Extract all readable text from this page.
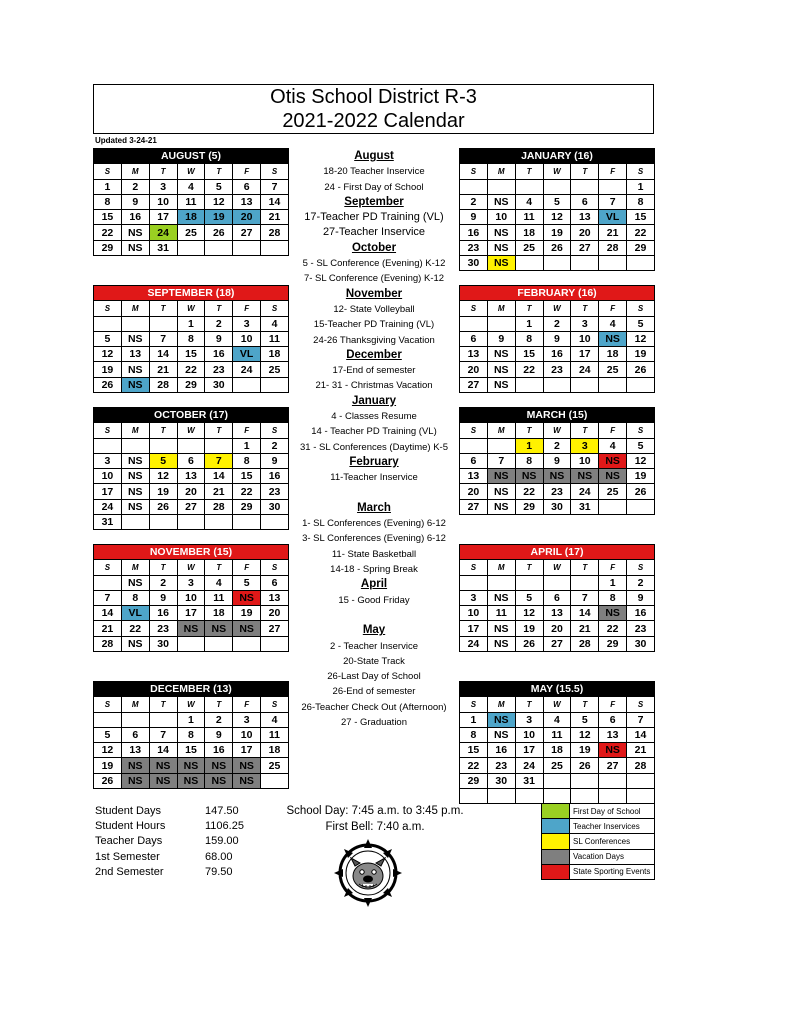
Otis School District R-3
2021-2022 Calendar
Updated 3-24-21
AUGUST (5)						
S	M	T	W	T	F	S
1	2	3	4	5	6	7
8	9	10	11	12	13	14
15	16	17	18	19	20	21
22	NS	24	25	26	27	28
29	NS	31				
SEPTEMBER (18)						
S	M	T	W	T	F	S
			1	2	3	4
5	NS	7	8	9	10	11
12	13	14	15	16	VL	18
19	NS	21	22	23	24	25
26	NS	28	29	30		
OCTOBER (17)						
S	M	T	W	T	F	S
					1	2
3	NS	5	6	7	8	9
10	NS	12	13	14	15	16
17	NS	19	20	21	22	23
24	NS	26	27	28	29	30
31						
NOVEMBER (15)						
S	M	T	W	T	F	S
	NS	2	3	4	5	6
7	8	9	10	11	NS	13
14	VL	16	17	18	19	20
21	22	23	NS	NS	NS	27
28	NS	30				
DECEMBER (13)						
S	M	T	W	T	F	S
			1	2	3	4
5	6	7	8	9	10	11
12	13	14	15	16	17	18
19	NS	NS	NS	NS	NS	25
26	NS	NS	NS	NS	NS	
JANUARY (16)						
S	M	T	W	T	F	S
						1
2	NS	4	5	6	7	8
9	10	11	12	13	VL	15
16	NS	18	19	20	21	22
23	NS	25	26	27	28	29
30	NS					
FEBRUARY (16)						
S	M	T	W	T	F	S
		1	2	3	4	5
6	9	8	9	10	NS	12
13	NS	15	16	17	18	19
20	NS	22	23	24	25	26
27	NS					
MARCH (15)						
S	M	T	W	T	F	S
		1	2	3	4	5
6	7	8	9	10	NS	12
13	NS	NS	NS	NS	NS	19
20	NS	22	23	24	25	26
27	NS	29	30	31		
APRIL (17)						
S	M	T	W	T	F	S
					1	2
3	NS	5	6	7	8	9
10	11	12	13	14	NS	16
17	NS	19	20	21	22	23
24	NS	26	27	28	29	30
MAY (15.5)						
S	M	T	W	T	F	S
1	NS	3	4	5	6	7
8	NS	10	11	12	13	14
15	16	17	18	19	NS	21
22	23	24	25	26	27	28
29	30	31				

August
18-20 Teacher Inservice
24 - First Day of School
September
17-Teacher PD Training (VL)
27-Teacher Inservice
October
5 - SL Conference (Evening) K-12
7- SL Conference (Evening) K-12
November
12- State Volleyball
15-Teacher PD Training (VL)
24-26 Thanksgiving Vacation
December
17-End of semester
21- 31 - Christmas Vacation
January
4 - Classes Resume
14 - Teacher PD Training (VL)
31 - SL Conferences (Daytime) K-5
February
11-Teacher Inservice
March
1- SL Conferences (Evening) 6-12
3- SL Conferences (Evening) 6-12
11- State Basketball
14-18 - Spring Break
April
15 - Good Friday
May
2 - Teacher Inservice
20-State Track
26-Last Day of School
26-End of semester
26-Teacher Check Out (Afternoon)
27 - Graduation
Student Days	147.50
Student Hours	1106.25
Teacher Days	159.00
1st Semester	68.00
2nd Semester	79.50
School Day: 7:45 a.m. to 3:45 p.m.
First Bell: 7:40 a.m.
	First Day of School
	Teacher Inservices
	SL Conferences
	Vacation Days
	State Sporting Events
